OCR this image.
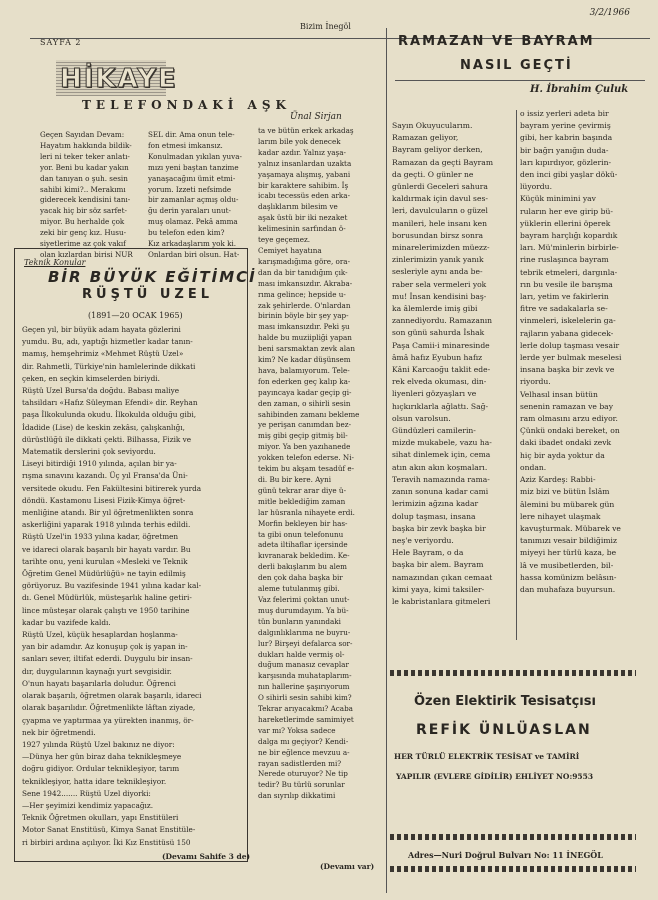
Bizim İnegöl
3/2/1966
SAYFA 2
HİKAYE
TELEFONDAKİ AŞK
Ünal Sirjan
Geçen Sayıdan Devam:
Hayatım hakkında bildik-
leri ni teker teker anlatı-
yor. Beni bu kadar yakın
dan tanıyan o şuh. sesin
sahibi kimi?.. Merakımı
giderecek kendisini tanı-
yacak hiç bir söz sarfet-
miyor. Bu herhalde çok
zeki bir genç kız. Husu-
siyetlerime az çok vakıf
olan kızlardan birisi NUR
SEL dir. Ama onun tele-
fon etmesi imkansız.
Konulmadan yıkılan yuva-
mızı yeni baştan tanzime
yanaşacağını ümit etmi-
yorum. Izzeti nefsimde
bir zamanlar açmış oldu-
ğu derin yaraları unut-
muş olamaz. Pekâ amma
bu telefon eden kim?
Kız arkadaşlarım yok ki.
Onlardan biri olsun. Hat-
ta ve bütün erkek arkadaş
larım bile yok denecek
kadar azdır. Yalnız yaşa-
yalnız insanlardan uzakta
yaşamaya alışmış, yabani
bir karaktere sahibim. İş
icabı tecessüs eden arka-
daşlıklarım bilesim ve
aşak üstü bir iki nezaket
kelimesinin sarfından ö-
teye geçemez.
Cemiyet hayatına
karışmadığıma göre, ora-
dan da bir tanıdığım çık-
ması imkansızdır. Akraba-
rıma gelince; hepside u-
zak şehirlerde. O'nlardan
birinin böyle bir şey yap-
ması imkansızdır. Peki şu
halde bu muziipliği yapan
beni sarsmaktan zevk alan
kim? Ne kadar düşünsem
hava, balamıyorum. Tele-
fon ederken geç kalıp ka-
payıncaya kadar geçip gi-
den zaman, o sihirli sesin
sahibinden zamanı bekleme
ye perişan canımdan bez-
miş gibi geçip gitmiş bil-
miyor. Ya ben yazıhanede
yokken telefon ederse. Ni-
tekim bu akşam tesadüf e-
di. Bu bir kere. Ayni
günü tekrar arar diye ü-
mitle beklediğim zaman
lar hüsranla nihayete erdi.
Morfin bekleyen bir has-
ta gibi onun telefonunu
adeta iltihaflar içersinde
kıvranarak bekledim. Ke-
derli bakışlarım bu alem
den çok daha başka bir
aleme tutulanmış gibi.
Vaz felerimi çoktan unut-
muş durumdayım. Ya bü-
tün bunların yanındaki
dalgınlıklarıma ne buyru-
lur? Birşeyi defalarca sor-
dukları halde vermiş ol-
duğum manasız cevaplar
karşısında muhataplarım-
nın hallerine şaşırıyorum
O sihirli sesin sahibi kim?
Tekrar arıyacakmı? Acaba
hareketlerimde samimiyet
var mı? Yoksa sadece
dalga mı geçiyor? Kendi-
ne bir eğlence mevzuu a-
rayan sadistlerden mi?
Nerede oturuyor? Ne tip
tedir? Bu türlü sorunlar
dan sıyrılıp dikkatimi
(Devamı var)
Teknik Konular
BİR BÜYÜK EĞİTİMCİ
RÜŞTÜ UZEL
(1891—20 OCAK 1965)
Geçen yıl, bir büyük adam hayata gözlerini
yumdu. Bu, adı, yaptığı hizmetler kadar tanın-
mamış, hemşehrimiz «Mehmet Rüştü Uzel»
dir. Rahmetli, Türkiye'nin hamlelerinde dikkati
çeken, en seçkin kimselerden biriydi.
Rüştü Uzel Bursa'da doğdu. Babası maliye
tahsildarı «Hafız Süleyman Efendi» dir. Reyhan
paşa İlkokulunda okudu. İlkokulda olduğu gibi,
İdadide (Lise) de keskin zekâsı, çalışkanlığı,
dürüstlüğü ile dikkati çekti. Bilhassa, Fizik ve
Matematik derslerini çok seviyordu.
Liseyi bitirdiği 1910 yılında, açılan bir ya-
rışma sınavını kazandı. Üç yıl Fransa'da Üni-
versitede okudu. Fen Fakültesini bitirerek yurda
döndü. Kastamonu Lisesi Fizik-Kimya öğret-
menliğine atandı. Bir yıl öğretmenlikten sonra
askerliğini yaparak 1918 yılında terhis edildi.
Rüştü Uzel'in 1933 yılına kadar, öğretmen
ve idareci olarak başarılı bir hayatı vardır. Bu
tarihte onu, yeni kurulan «Mesleki ve Teknik
Öğretim Genel Müdürlüğü» ne tayin edilmiş
görüyoruz. Bu vazifesinde 1941 yılına kadar kal-
dı. Genel Müdürlük, müsteşarlık haline getiri-
lince müsteşar olarak çalıştı ve 1950 tarihine
kadar bu vazifede kaldı.
Rüştü Uzel, küçük hesaplardan hoşlanma-
yan bir adamdır. Az konuşup çok iş yapan in-
sanları sever, iltifat ederdi. Duygulu bir insan-
dır, duygularının kaynağı yurt sevgisidir.
O'nun hayatı başarılarla doludur. Öğrenci
olarak başarılı, öğretmen olarak başarılı, idareci
olarak başarılıdır. Öğretmenlikte lâftan ziyade,
çyapma ve yaptırmaa ya yürekten inanmış, ör-
nek bir öğretmendi.
1927 yılında Rüştü Uzel bakınız ne diyor:
—Dünya her gün biraz daha teknikleşmeye
doğru gidiyor. Ordular teknikleşiyor, tarım
teknikleşiyor, hatta idare teknikleşiyor.
Sene 1942....... Rüştü Uzel diyorki:
—Her şeyimizi kendimiz yapacağız.
Teknik Öğretmen okulları, yapı Enstitüleri
Motor Sanat Enstitüsü, Kimya Sanat Enstitüle-
ri birbiri ardına açılıyor. İki Kız Enstitüsü 150
(Devamı Sahife 3 de)
RAMAZAN VE BAYRAM
NASIL GEÇTİ
H. İbrahim Çuluk
Sayın Okuyucularım.
Ramazan geliyor,
Bayram geliyor derken,
Ramazan da geçti Bayram
da geçti. O günler ne
günlerdi Geceleri sahura
kaldırmak için davul ses-
leri, davulcuların o güzel
manileri, hele insanı ken
borusundan birsz sonra
minarelerimizden müezz-
zinlerimizin yanık yanık
sesleriyle aynı anda be-
raber sela vermeleri yok
mu! İnsan kendisini baş-
ka âlemlerde imiş gibi
zannediyordu. Ramazanın
son günü sahurda İshak
Paşa Camii-i minaresinde
âmâ hafız Eyubun hafız
Kâni Karcaoğu taklit ede-
rek elveda okuması, din-
liyenleri gözyaşları ve
hıçkırıklarla ağlattı. Sağ-
olsun varolsun.
Gündüzleri camilerin-
mizde mukabele, vazu ha-
sihat dinlemek için, cema
atın akın akın koşmaları.
Teravih namazında rama-
zanın sonuna kadar cami
lerimizin ağzına kadar
dolup taşması, insana
başka bir zevk başka bir
neş'e veriyordu.
Hele Bayram, o da
başka bir alem. Bayram
namazından çıkan cemaat
kimi yaya, kimi taksiler-
le kabristanlara gitmeleri
o issiz yerleri adeta bir
bayram yerine çevirmiş
gibi, her kabrin başında
bir bağrı yanığın duda-
ları kıpırdıyor, gözlerin-
den inci gibi yaşlar dökü-
lüyordu.
Küçük minimini yav
ruların her eve girip bü-
yüklerin ellerini öperek
bayram harçlığı kopardık
ları. Mü'minlerin birbirle-
rine ruslaşınca bayram
tebrik etmeleri, dargınla-
rın bu vesile ile barışma
ları, yetim ve fakirlerin
fitre ve sadakalarla se-
vinmeleri, iskelelerin ga-
rajların yabana gidecek-
lerle dolup taşması vesair
lerde yer bulmak meselesi
insana başka bir zevk ve
riyordu.
Velhasıl insan bütün
senenin ramazan ve bay
ram olmasını arzu ediyor.
Çünkü ondaki bereket, on
daki ibadet ondaki zevk
hiç bir ayda yoktur da
ondan.
Aziz Kardeş: Rabbi-
miz bizi ve bütün İslâm
âlemini bu mübarek gün
lere nihayet ulaşmak
kavuşturmak. Mübarek ve
tanımızı vesair bildiğimiz
miyeyi her türlü kaza, be
lâ ve musibetlerden, bil-
hassa komünizm belâsın-
dan muhafaza buyursun.
Özen Elektirik Tesisatçısı
REFİK ÜNLÜASLAN
HER TÜRLÜ ELEKTRİK TESİSAT ve TAMİRİ
YAPILIR (EVLERE GİDİLİR) EHLİYET NO:9553
Adres—Nuri Doğrul Bulvarı No: 11 İNEGÖL
